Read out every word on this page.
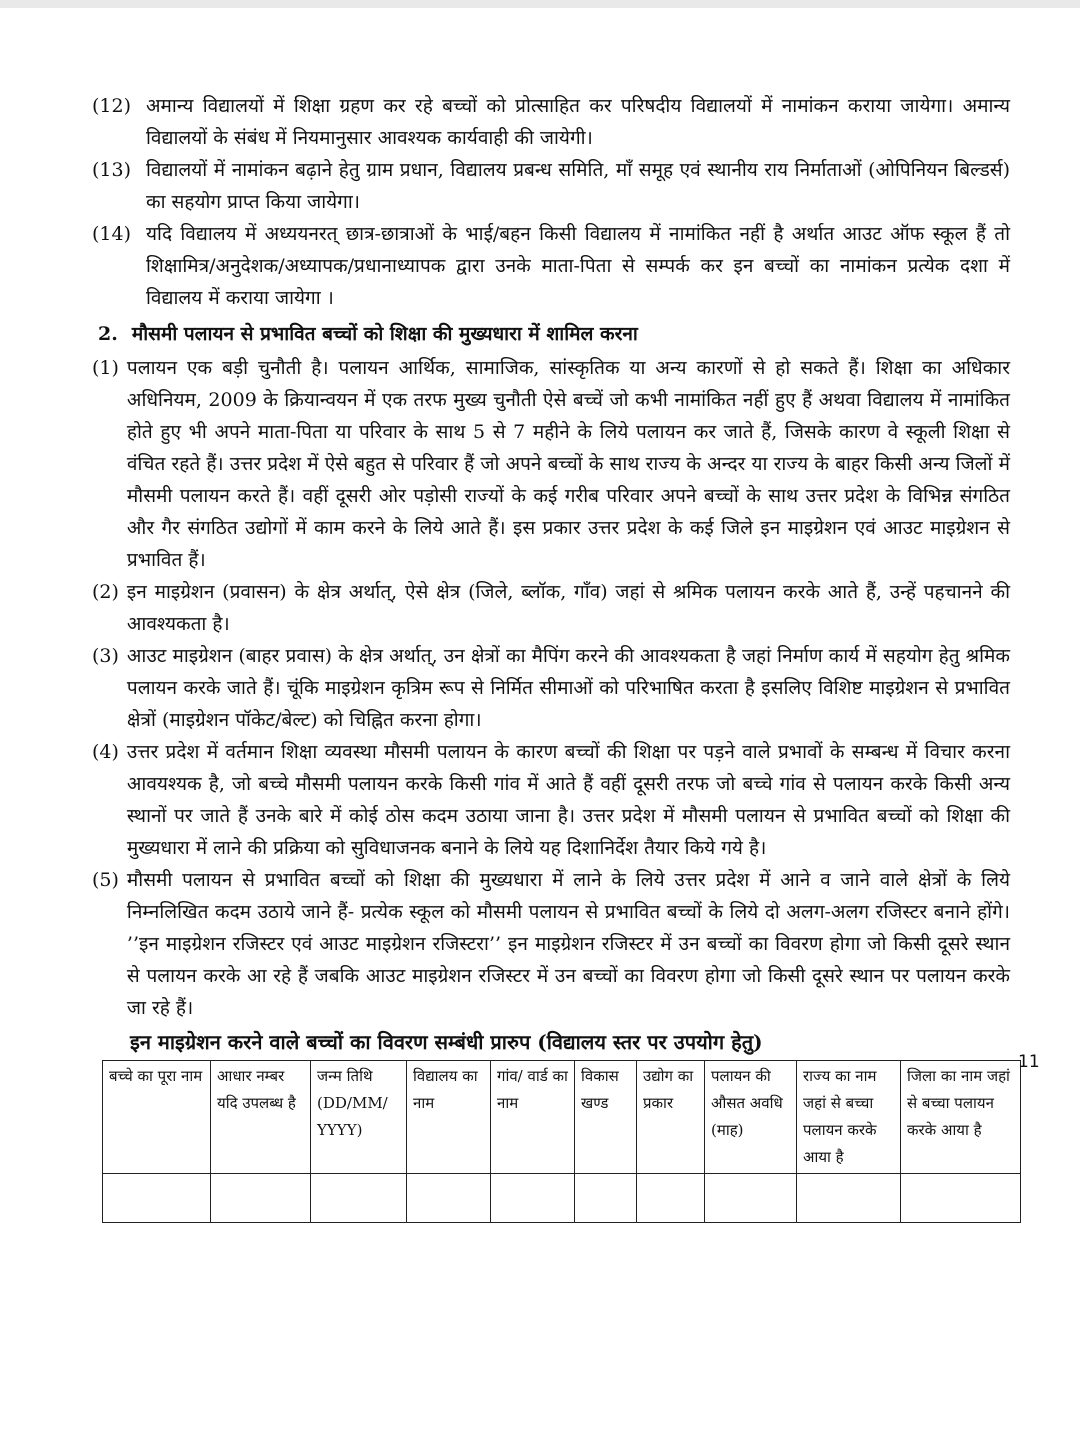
(12) अमान्य विद्यालयों में शिक्षा ग्रहण कर रहे बच्चों को प्रोत्साहित कर परिषदीय विद्यालयों में नामांकन कराया जायेगा। अमान्य विद्यालयों के संबंध में नियमानुसार आवश्यक कार्यवाही की जायेगी।
(13) विद्यालयों में नामांकन बढ़ाने हेतु ग्राम प्रधान, विद्यालय प्रबन्ध समिति, माँ समूह एवं स्थानीय राय निर्माताओं (ओपिनियन बिल्डर्स) का सहयोग प्राप्त किया जायेगा।
(14) यदि विद्यालय में अध्ययनरत् छात्र-छात्राओं के भाई/बहन किसी विद्यालय में नामांकित नहीं है अर्थात आउट ऑफ स्कूल हैं तो शिक्षामित्र/अनुदेशक/अध्यापक/प्रधानाध्यापक द्वारा उनके माता-पिता से सम्पर्क कर इन बच्चों का नामांकन प्रत्येक दशा में विद्यालय में कराया जायेगा ।
2. मौसमी पलायन से प्रभावित बच्चों को शिक्षा की मुख्यधारा में शामिल करना
(1) पलायन एक बड़ी चुनौती है। पलायन आर्थिक, सामाजिक, सांस्कृतिक या अन्य कारणों से हो सकते हैं। शिक्षा का अधिकार अधिनियम, 2009 के क्रियान्वयन में एक तरफ मुख्य चुनौती ऐसे बच्चें जो कभी नामांकित नहीं हुए हैं अथवा विद्यालय में नामांकित होते हुए भी अपने माता-पिता या परिवार के साथ 5 से 7 महीने के लिये पलायन कर जाते हैं, जिसके कारण वे स्कूली शिक्षा से वंचित रहते हैं। उत्तर प्रदेश में ऐसे बहुत से परिवार हैं जो अपने बच्चों के साथ राज्य के अन्दर या राज्य के बाहर किसी अन्य जिलों में मौसमी पलायन करते हैं। वहीं दूसरी ओर पड़ोसी राज्यों के कई गरीब परिवार अपने बच्चों के साथ उत्तर प्रदेश के विभिन्न संगठित और गैर संगठित उद्योगों में काम करने के लिये आते हैं। इस प्रकार उत्तर प्रदेश के कई जिले इन माइग्रेशन एवं आउट माइग्रेशन से प्रभावित हैं।
(2) इन माइग्रेशन (प्रवासन) के क्षेत्र अर्थात्, ऐसे क्षेत्र (जिले, ब्लॉक, गाँव) जहां से श्रमिक पलायन करके आते हैं, उन्हें पहचानने की आवश्यकता है।
(3) आउट माइग्रेशन (बाहर प्रवास) के क्षेत्र अर्थात्, उन क्षेत्रों का मैपिंग करने की आवश्यकता है जहां निर्माण कार्य में सहयोग हेतु श्रमिक पलायन करके जाते हैं। चूंकि माइग्रेशन कृत्रिम रूप से निर्मित सीमाओं को परिभाषित करता है इसलिए विशिष्ट माइग्रेशन से प्रभावित क्षेत्रों (माइग्रेशन पॉकेट/बेल्ट) को चिह्नित करना होगा।
(4) उत्तर प्रदेश में वर्तमान शिक्षा व्यवस्था मौसमी पलायन के कारण बच्चों की शिक्षा पर पड़ने वाले प्रभावों के सम्बन्ध में विचार करना आवयश्यक है, जो बच्चे मौसमी पलायन करके किसी गांव में आते हैं वहीं दूसरी तरफ जो बच्चे गांव से पलायन करके किसी अन्य स्थानों पर जाते हैं उनके बारे में कोई ठोस कदम उठाया जाना है। उत्तर प्रदेश में मौसमी पलायन से प्रभावित बच्चों को शिक्षा की मुख्यधारा में लाने की प्रक्रिया को सुविधाजनक बनाने के लिये यह दिशानिर्देश तैयार किये गये है।
(5) मौसमी पलायन से प्रभावित बच्चों को शिक्षा की मुख्यधारा में लाने के लिये उत्तर प्रदेश में आने व जाने वाले क्षेत्रों के लिये निम्नलिखित कदम उठाये जाने हैं- प्रत्येक स्कूल को मौसमी पलायन से प्रभावित बच्चों के लिये दो अलग-अलग रजिस्टर बनाने होंगे। ’’इन माइग्रेशन रजिस्टर एवं आउट माइग्रेशन रजिस्टरा’’ इन माइग्रेशन रजिस्टर में उन बच्चों का विवरण होगा जो किसी दूसरे स्थान से पलायन करके आ रहे हैं जबकि आउट माइग्रेशन रजिस्टर में उन बच्चों का विवरण होगा जो किसी दूसरे स्थान पर पलायन करके जा रहे हैं।
इन माइग्रेशन करने वाले बच्चों का विवरण सम्बंधी प्रारुप (विद्यालय स्तर पर उपयोग हेतु)
बच्चे का पूरा नाम	आधार नम्बर यदि उपलब्ध है	जन्म तिथि (DD/MM/ YYYY)	विद्यालय का नाम	गांव/ वार्ड का नाम	विकास खण्ड	उद्योग का प्रकार	पलायन की औसत अवधि (माह)	राज्य का नाम जहां से बच्चा पलायन करके आया है	जिला का नाम जहां से बच्चा पलायन करके आया है

11
